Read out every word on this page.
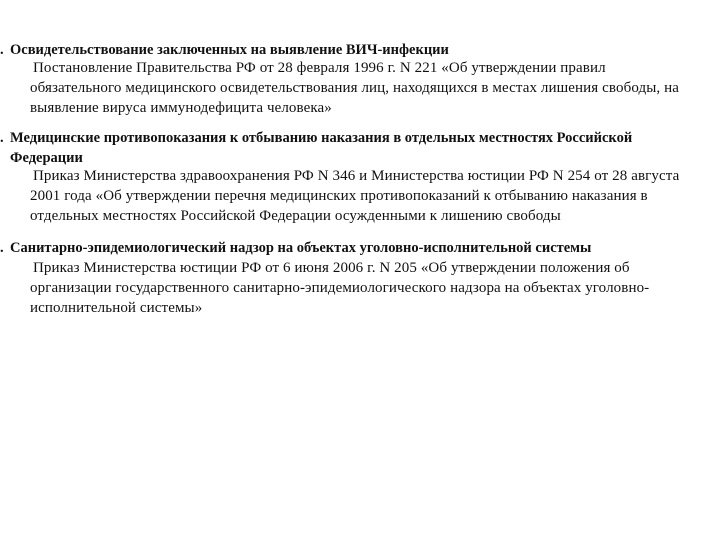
. Освидетельствование заключенных на выявление ВИЧ-инфекции
Постановление Правительства РФ от 28 февраля 1996 г. N 221 «Об утверждении правил
обязательного медицинского освидетельствования лиц, находящихся в местах лишения свободы, на
выявление вируса иммунодефицита человека»
. Медицинские противопоказания к отбыванию наказания в отдельных местностях Российской
Федерации
Приказ Министерства здравоохранения РФ N 346 и Министерства юстиции РФ N 254 от 28 августа
2001 года «Об утверждении перечня медицинских противопоказаний к отбыванию наказания в
отдельных местностях Российской Федерации осужденными к лишению свободы
. Санитарно-эпидемиологический надзор на объектах уголовно-исполнительной системы
Приказ Министерства юстиции РФ от 6 июня 2006 г. N 205 «Об утверждении положения об
организации государственного санитарно-эпидемиологического надзора на объектах уголовно-
исполнительной системы»
